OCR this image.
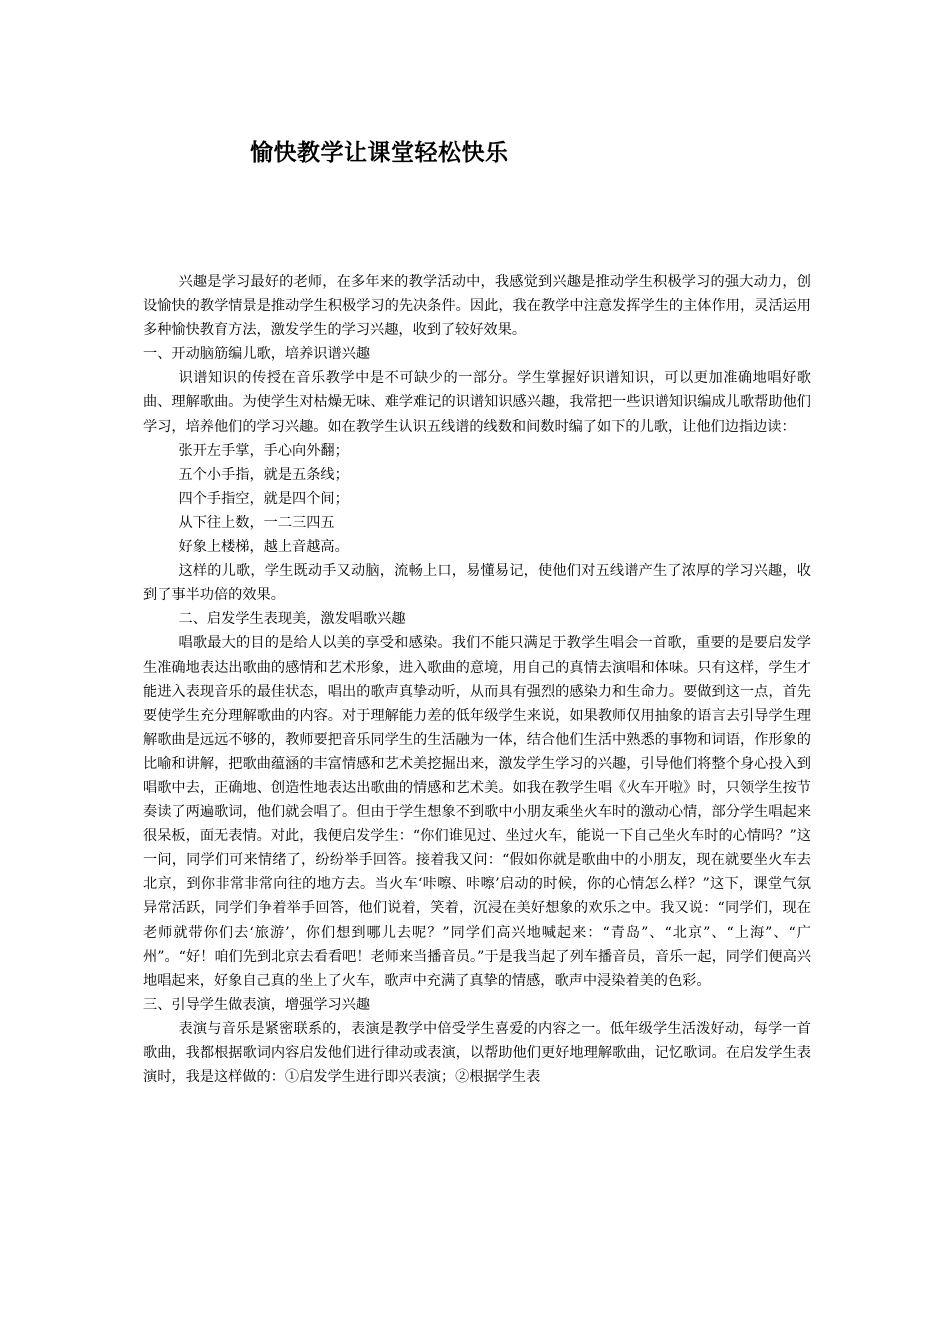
愉快教学让课堂轻松快乐

兴趣是学习最好的老师，在多年来的教学活动中，我感觉到兴趣是推动学生积极学习的强大动力，创设愉快的教学情景是推动学生积极学习的先决条件。因此，我在教学中注意发挥学生的主体作用，灵活运用多种愉快教育方法，激发学生的学习兴趣，收到了较好效果。

一、开动脑筋编儿歌，培养识谱兴趣

识谱知识的传授在音乐教学中是不可缺少的一部分。学生掌握好识谱知识，可以更加准确地唱好歌曲、理解歌曲。为使学生对枯燥无味、难学难记的识谱知识感兴趣，我常把一些识谱知识编成儿歌帮助他们学习，培养他们的学习兴趣。如在教学生认识五线谱的线数和间数时编了如下的儿歌，让他们边指边读：

张开左手掌，手心向外翻；

五个小手指，就是五条线；

四个手指空，就是四个间；

从下往上数，一二三四五

好象上楼梯，越上音越高。

这样的儿歌，学生既动手又动脑，流畅上口，易懂易记，使他们对五线谱产生了浓厚的学习兴趣，收到了事半功倍的效果。

二、启发学生表现美，激发唱歌兴趣

唱歌最大的目的是给人以美的享受和感染。我们不能只满足于教学生唱会一首歌，重要的是要启发学生准确地表达出歌曲的感情和艺术形象，进入歌曲的意境，用自己的真情去演唱和体味。只有这样，学生才能进入表现音乐的最佳状态，唱出的歌声真挚动听，从而具有强烈的感染力和生命力。要做到这一点，首先要使学生充分理解歌曲的内容。对于理解能力差的低年级学生来说，如果教师仅用抽象的语言去引导学生理解歌曲是远远不够的，教师要把音乐同学生的生活融为一体，结合他们生活中熟悉的事物和词语，作形象的比喻和讲解，把歌曲蕴涵的丰富情感和艺术美挖掘出来，激发学生学习的兴趣，引导他们将整个身心投入到唱歌中去，正确地、创造性地表达出歌曲的情感和艺术美。如我在教学生唱《火车开啦》时，只领学生按节奏读了两遍歌词，他们就会唱了。但由于学生想象不到歌中小朋友乘坐火车时的激动心情，部分学生唱起来很呆板，面无表情。对此，我便启发学生：“你们谁见过、坐过火车，能说一下自己坐火车时的心情吗？”这一问，同学们可来情绪了，纷纷举手回答。接着我又问：“假如你就是歌曲中的小朋友，现在就要坐火车去北京，到你非常非常向往的地方去。当火车‘咔嚓、咔嚓’启动的时候，你的心情怎么样？”这下，课堂气氛异常活跃，同学们争着举手回答，他们说着，笑着，沉浸在美好想象的欢乐之中。我又说：“同学们，现在老师就带你们去‘旅游’，你们想到哪儿去呢？”同学们高兴地喊起来：“青岛”、“北京”、“上海”、“广州”。“好！咱们先到北京去看看吧！老师来当播音员。”于是我当起了列车播音员，音乐一起，同学们便高兴地唱起来，好象自己真的坐上了火车，歌声中充满了真挚的情感，歌声中浸染着美的色彩。

三、引导学生做表演，增强学习兴趣

表演与音乐是紧密联系的，表演是教学中倍受学生喜爱的内容之一。低年级学生活泼好动，每学一首歌曲，我都根据歌词内容启发他们进行律动或表演，以帮助他们更好地理解歌曲，记忆歌词。在启发学生表演时，我是这样做的：①启发学生进行即兴表演；②根据学生表
